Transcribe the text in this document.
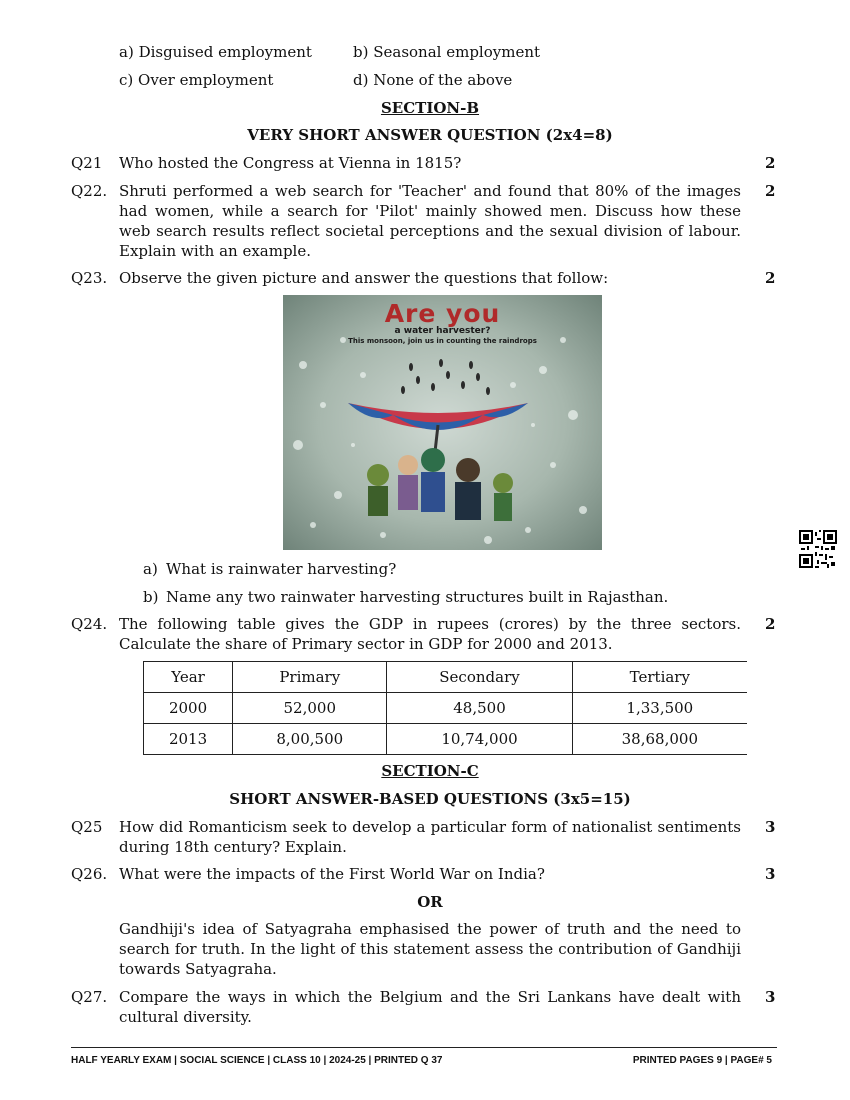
a) Disguised employment	b) Seasonal employment
c) Over employment	d) None of the above
SECTION-B
VERY SHORT ANSWER QUESTION (2x4=8)
Q21 Who hosted the Congress at Vienna in 1815?	2
Q22. Shruti performed a web search for 'Teacher' and found that 80% of the images had women, while a search for 'Pilot' mainly showed men. Discuss how these web search results reflect societal perceptions and the sexual division of labour. Explain with an example.
2
Q23. Observe the given picture and answer the questions that follow:	2
Are you
a water harvester?
This monsoon, join us in counting the raindrops
a) What is rainwater harvesting?
b) Name any two rainwater harvesting structures built in Rajasthan.
Q24. The following table gives the GDP in rupees (crores) by the three sectors. Calculate the share of Primary sector in GDP for 2000 and 2013.
2
Year	Primary	Secondary	Tertiary
2000	52,000	48,500	1,33,500
2013	8,00,500	10,74,000	38,68,000
SECTION-C
SHORT ANSWER-BASED QUESTIONS (3x5=15)
Q25 How did Romanticism seek to develop a particular form of nationalist sentiments during 18th century? Explain.
3
Q26. What were the impacts of the First World War on India?	3
OR
Gandhiji's idea of Satyagraha emphasised the power of truth and the need to search for truth. In the light of this statement assess the contribution of Gandhiji towards Satyagraha.
Q27. Compare the ways in which the Belgium and the Sri Lankans have dealt with cultural diversity.
3
HALF YEARLY EXAM | SOCIAL SCIENCE | CLASS 10 | 2024-25 | PRINTED Q 37	PRINTED PAGES 9 | PAGE# 5
